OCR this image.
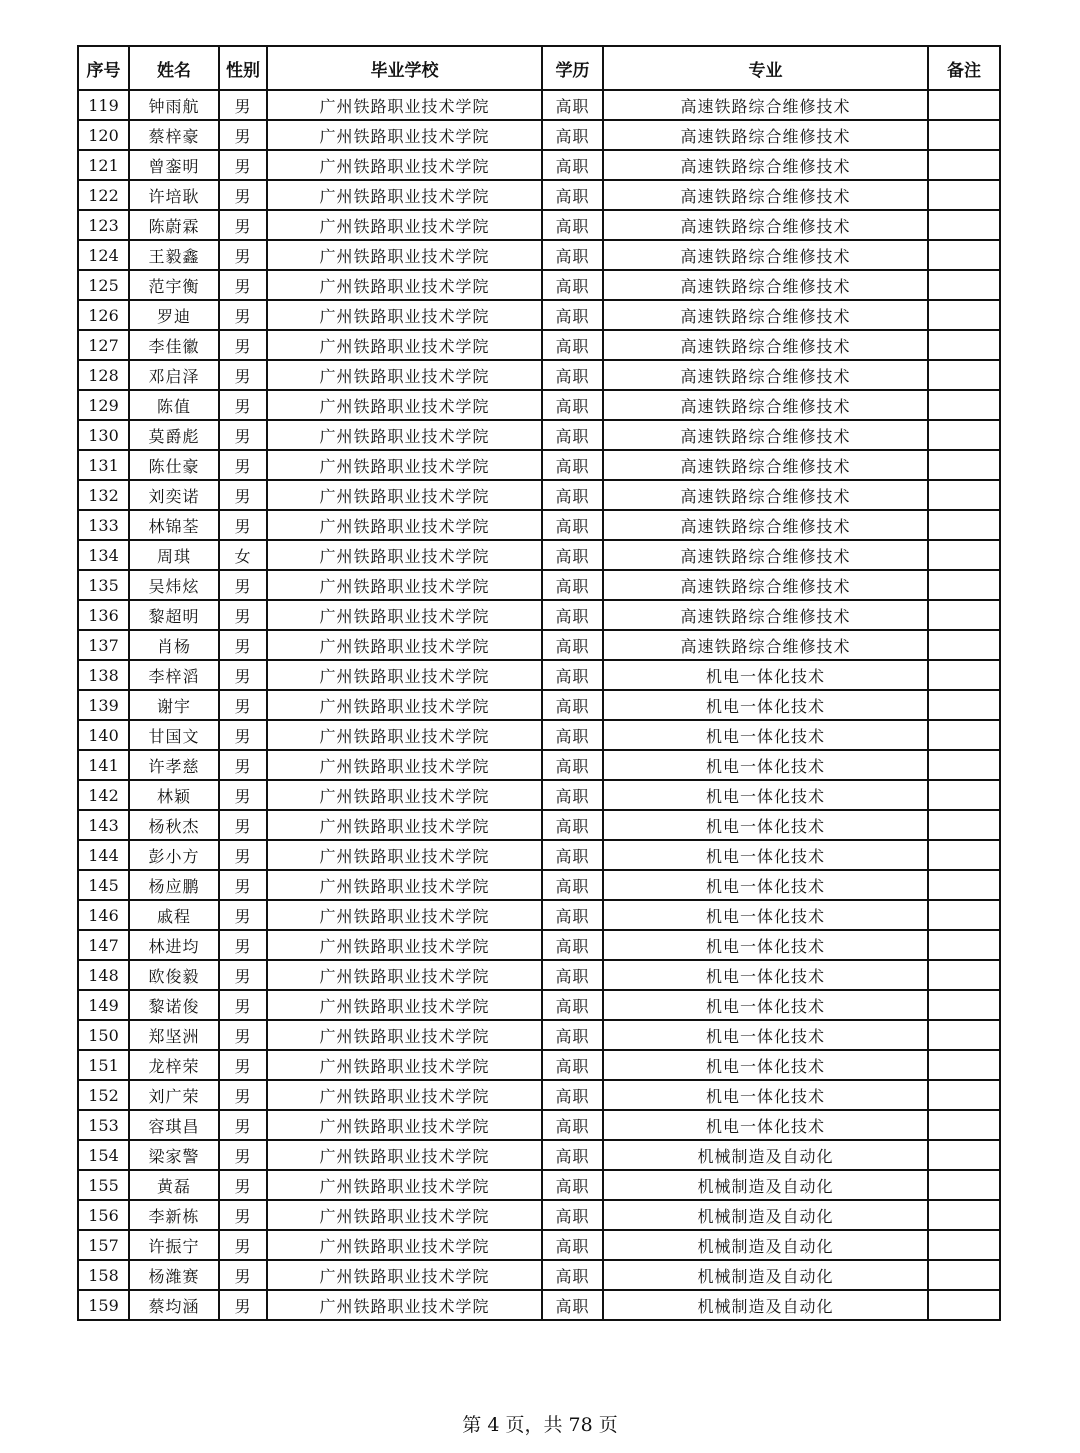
序号	姓名	性别	毕业学校	学历	专业	备注
119	钟雨航	男	广州铁路职业技术学院	高职	高速铁路综合维修技术	
120	蔡梓豪	男	广州铁路职业技术学院	高职	高速铁路综合维修技术	
121	曾銮明	男	广州铁路职业技术学院	高职	高速铁路综合维修技术	
122	许培耿	男	广州铁路职业技术学院	高职	高速铁路综合维修技术	
123	陈蔚霖	男	广州铁路职业技术学院	高职	高速铁路综合维修技术	
124	王毅鑫	男	广州铁路职业技术学院	高职	高速铁路综合维修技术	
125	范宇衡	男	广州铁路职业技术学院	高职	高速铁路综合维修技术	
126	罗迪	男	广州铁路职业技术学院	高职	高速铁路综合维修技术	
127	李佳徽	男	广州铁路职业技术学院	高职	高速铁路综合维修技术	
128	邓启泽	男	广州铁路职业技术学院	高职	高速铁路综合维修技术	
129	陈值	男	广州铁路职业技术学院	高职	高速铁路综合维修技术	
130	莫爵彪	男	广州铁路职业技术学院	高职	高速铁路综合维修技术	
131	陈仕豪	男	广州铁路职业技术学院	高职	高速铁路综合维修技术	
132	刘奕诺	男	广州铁路职业技术学院	高职	高速铁路综合维修技术	
133	林锦荃	男	广州铁路职业技术学院	高职	高速铁路综合维修技术	
134	周琪	女	广州铁路职业技术学院	高职	高速铁路综合维修技术	
135	吴炜炫	男	广州铁路职业技术学院	高职	高速铁路综合维修技术	
136	黎超明	男	广州铁路职业技术学院	高职	高速铁路综合维修技术	
137	肖杨	男	广州铁路职业技术学院	高职	高速铁路综合维修技术	
138	李梓滔	男	广州铁路职业技术学院	高职	机电一体化技术	
139	谢宇	男	广州铁路职业技术学院	高职	机电一体化技术	
140	甘国文	男	广州铁路职业技术学院	高职	机电一体化技术	
141	许孝慈	男	广州铁路职业技术学院	高职	机电一体化技术	
142	林颖	男	广州铁路职业技术学院	高职	机电一体化技术	
143	杨秋杰	男	广州铁路职业技术学院	高职	机电一体化技术	
144	彭小方	男	广州铁路职业技术学院	高职	机电一体化技术	
145	杨应鹏	男	广州铁路职业技术学院	高职	机电一体化技术	
146	戚程	男	广州铁路职业技术学院	高职	机电一体化技术	
147	林进均	男	广州铁路职业技术学院	高职	机电一体化技术	
148	欧俊毅	男	广州铁路职业技术学院	高职	机电一体化技术	
149	黎诺俊	男	广州铁路职业技术学院	高职	机电一体化技术	
150	郑坚洲	男	广州铁路职业技术学院	高职	机电一体化技术	
151	龙梓荣	男	广州铁路职业技术学院	高职	机电一体化技术	
152	刘广荣	男	广州铁路职业技术学院	高职	机电一体化技术	
153	容琪昌	男	广州铁路职业技术学院	高职	机电一体化技术	
154	梁家警	男	广州铁路职业技术学院	高职	机械制造及自动化	
155	黄磊	男	广州铁路职业技术学院	高职	机械制造及自动化	
156	李新栋	男	广州铁路职业技术学院	高职	机械制造及自动化	
157	许振宁	男	广州铁路职业技术学院	高职	机械制造及自动化	
158	杨潍赛	男	广州铁路职业技术学院	高职	机械制造及自动化	
159	蔡均涵	男	广州铁路职业技术学院	高职	机械制造及自动化	
第 4 页，共 78 页
